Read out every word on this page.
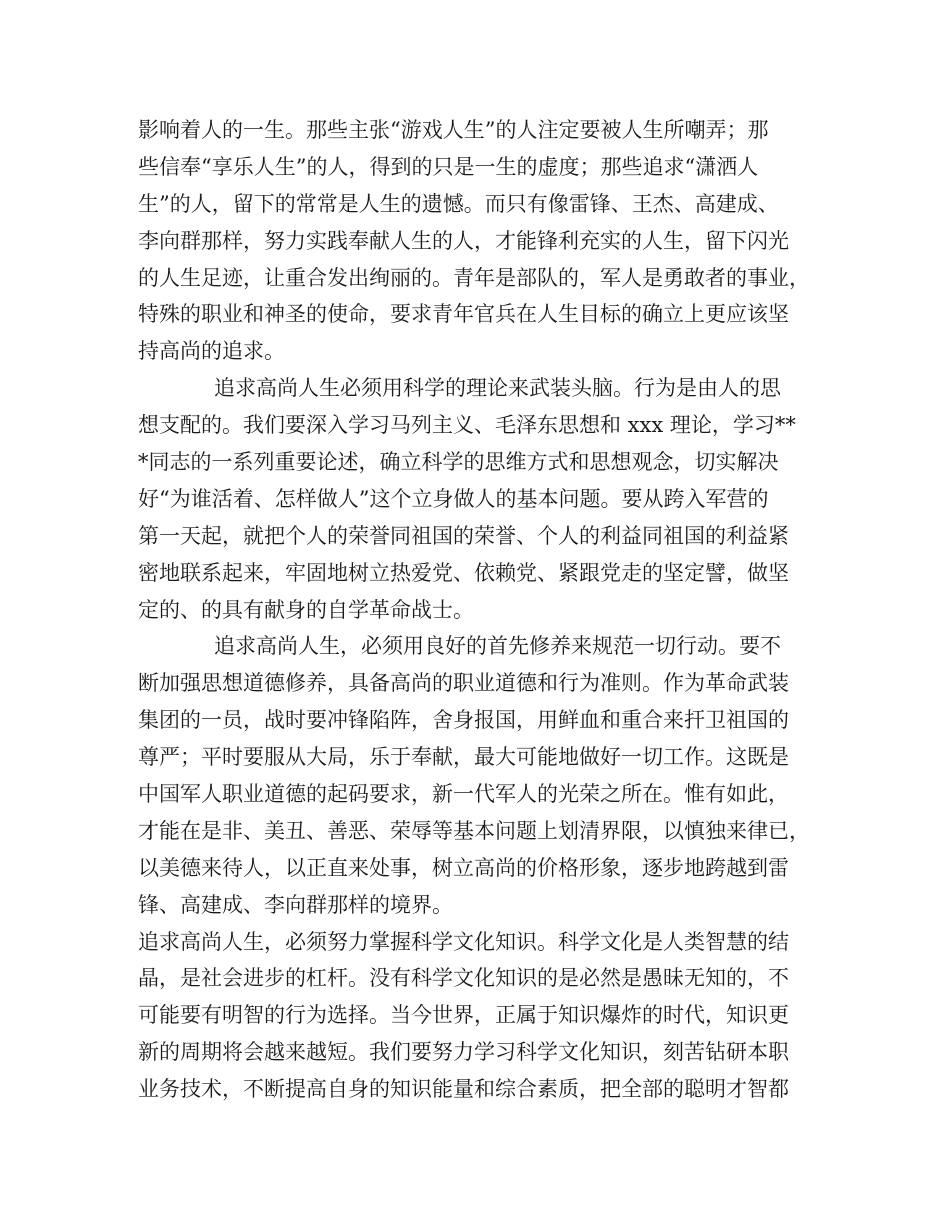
影响着人的一生。那些主张“游戏人生”的人注定要被人生所嘲弄；那
些信奉“享乐人生”的人，得到的只是一生的虚度；那些追求“潇洒人
生”的人，留下的常常是人生的遗憾。而只有像雷锋、王杰、高建成、
李向群那样，努力实践奉献人生的人，才能锋利充实的人生，留下闪光
的人生足迹，让重合发出绚丽的。青年是部队的，军人是勇敢者的事业，
特殊的职业和神圣的使命，要求青年官兵在人生目标的确立上更应该坚
持高尚的追求。
追求高尚人生必须用科学的理论来武装头脑。行为是由人的思
想支配的。我们要深入学习马列主义、毛泽东思想和 xxx 理论，学习**
*同志的一系列重要论述，确立科学的思维方式和思想观念，切实解决
好“为谁活着、怎样做人”这个立身做人的基本问题。要从跨入军营的
第一天起，就把个人的荣誉同祖国的荣誉、个人的利益同祖国的利益紧
密地联系起来，牢固地树立热爱党、依赖党、紧跟党走的坚定譬，做坚
定的、的具有献身的自学革命战士。
追求高尚人生，必须用良好的首先修养来规范一切行动。要不
断加强思想道德修养，具备高尚的职业道德和行为准则。作为革命武装
集团的一员，战时要冲锋陷阵，舍身报国，用鲜血和重合来扞卫祖国的
尊严；平时要服从大局，乐于奉献，最大可能地做好一切工作。这既是
中国军人职业道德的起码要求，新一代军人的光荣之所在。惟有如此，
才能在是非、美丑、善恶、荣辱等基本问题上划清界限，以慎独来律已，
以美德来待人，以正直来处事，树立高尚的价格形象，逐步地跨越到雷
锋、高建成、李向群那样的境界。
追求高尚人生，必须努力掌握科学文化知识。科学文化是人类智慧的结
晶，是社会进步的杠杆。没有科学文化知识的是必然是愚昧无知的，不
可能要有明智的行为选择。当今世界，正属于知识爆炸的时代，知识更
新的周期将会越来越短。我们要努力学习科学文化知识，刻苦钻研本职
业务技术，不断提高自身的知识能量和综合素质，把全部的聪明才智都
